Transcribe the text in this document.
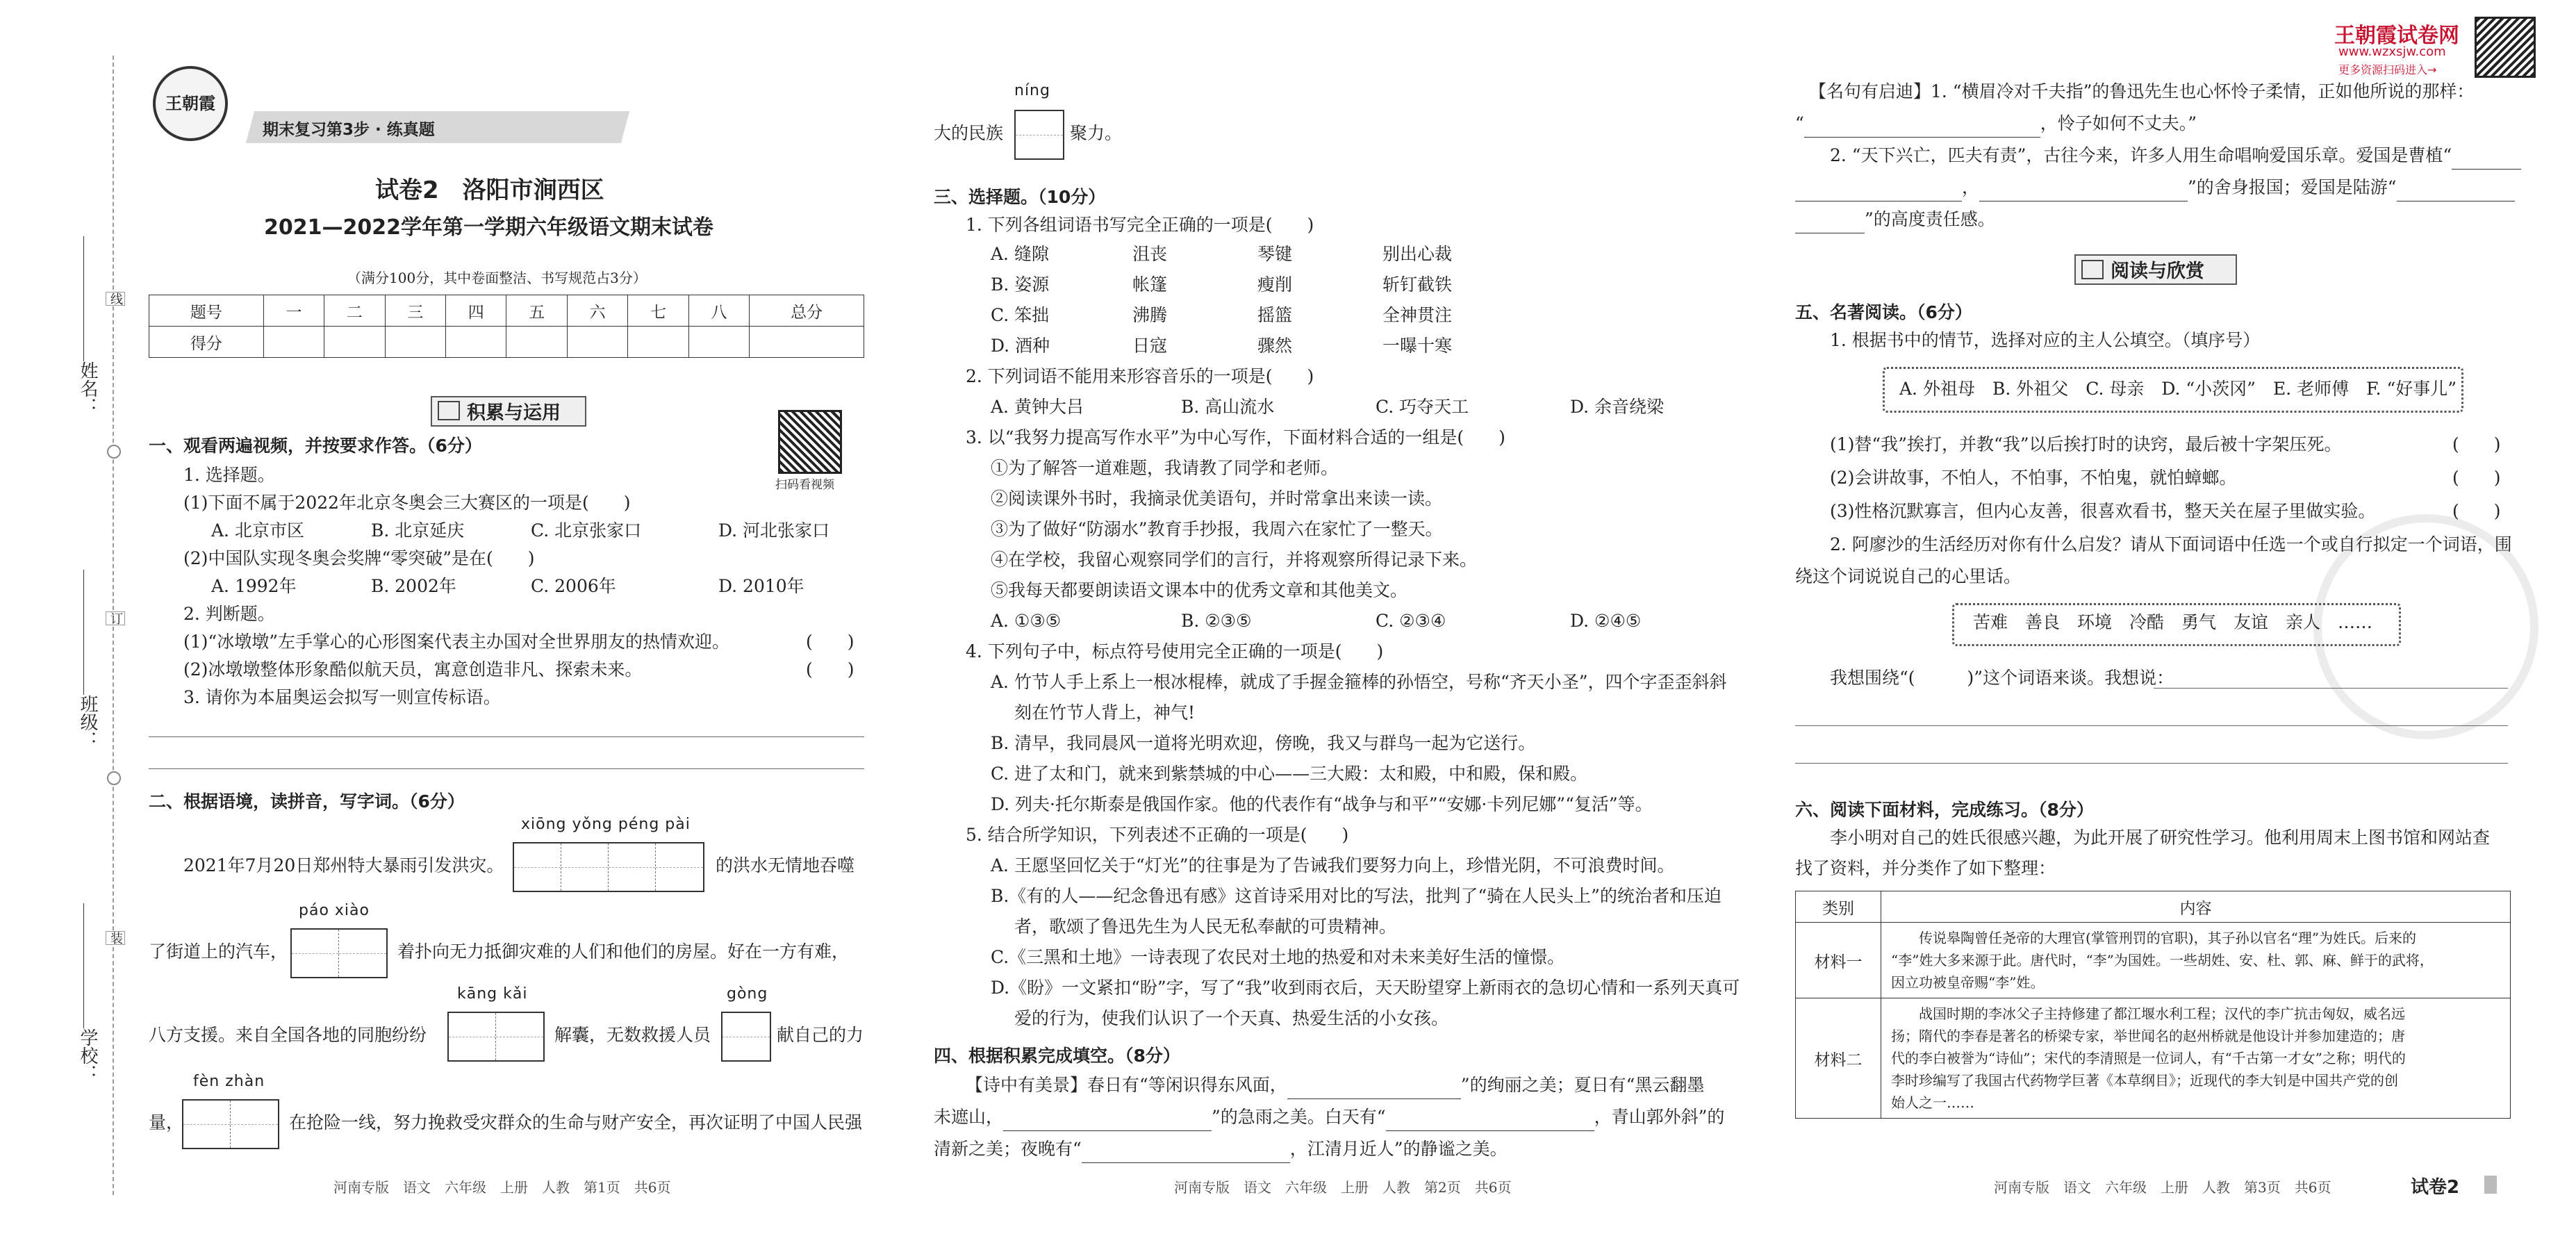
姓名：
班级：
学校：
线
订
装
王朝霞
期末复习第3步 · 练真题
试卷2　洛阳市涧西区
2021—2022学年第一学期六年级语文期末试卷
（满分100分，其中卷面整洁、书写规范占3分）
题号	一	二	三	四	五	六	七	八	总分
得分									
积累与运用
扫码看视频
一、观看两遍视频，并按要求作答。（6分）
1. 选择题。
(1)下面不属于2022年北京冬奥会三大赛区的一项是(　　)
A. 北京市区	B. 北京延庆	C. 北京张家口	D. 河北张家口
(2)中国队实现冬奥会奖牌“零突破”是在(　　)
A. 1992年	B. 2002年	C. 2006年	D. 2010年
2. 判断题。
(1)“冰墩墩”左手掌心的心形图案代表主办国对全世界朋友的热情欢迎。	(　　)
(2)冰墩墩整体形象酷似航天员，寓意创造非凡、探索未来。	(　　)
3. 请你为本届奥运会拟写一则宣传标语。
二、根据语境，读拼音，写字词。（6分）
xiōng yǒng péng pài
2021年7月20日郑州特大暴雨引发洪灾。	的洪水无情地吞噬
páo xiào
了街道上的汽车，	着扑向无力抵御灾难的人们和他们的房屋。好在一方有难，
kāng kǎi	gòng
八方支援。来自全国各地的同胞纷纷	解囊，无数救援人员	献自己的力
fèn zhàn
量，	在抢险一线，努力挽救受灾群众的生命与财产安全，再次证明了中国人民强
河南专版　语文　六年级　上册　人教　第1页　共6页
níng
大的民族	聚力。
三、选择题。（10分）
1. 下列各组词语书写完全正确的一项是(　　)
A. 缝隙	沮丧	琴键	别出心裁
B. 姿源	帐篷	瘦削	斩钉截铁
C. 笨拙	沸腾	摇篮	全神贯注
D. 酒种	日寇	骤然	一曝十寒
2. 下列词语不能用来形容音乐的一项是(　　)
A. 黄钟大吕	B. 高山流水	C. 巧夺天工	D. 余音绕梁
3. 以“我努力提高写作水平”为中心写作，下面材料合适的一组是(　　)
①为了解答一道难题，我请教了同学和老师。
②阅读课外书时，我摘录优美语句，并时常拿出来读一读。
③为了做好“防溺水”教育手抄报，我周六在家忙了一整天。
④在学校，我留心观察同学们的言行，并将观察所得记录下来。
⑤我每天都要朗读语文课本中的优秀文章和其他美文。
A. ①③⑤	B. ②③⑤	C. ②③④	D. ②④⑤
4. 下列句子中，标点符号使用完全正确的一项是(　　)
A. 竹节人手上系上一根冰棍棒，就成了手握金箍棒的孙悟空，号称“齐天小圣”，四个字歪歪斜斜
刻在竹节人背上，神气!
B. 清早，我同晨风一道将光明欢迎，傍晚，我又与群鸟一起为它送行。
C. 进了太和门，就来到紫禁城的中心——三大殿：太和殿，中和殿，保和殿。
D. 列夫·托尔斯泰是俄国作家。他的代表作有“战争与和平”“安娜·卡列尼娜”“复活”等。
5. 结合所学知识，下列表述不正确的一项是(　　)
A. 王愿坚回忆关于“灯光”的往事是为了告诫我们要努力向上，珍惜光阴，不可浪费时间。
B.《有的人——纪念鲁迅有感》这首诗采用对比的写法，批判了“骑在人民头上”的统治者和压迫
者，歌颂了鲁迅先生为人民无私奉献的可贵精神。
C.《三黑和土地》一诗表现了农民对土地的热爱和对未来美好生活的憧憬。
D.《盼》一文紧扣“盼”字，写了“我”收到雨衣后，天天盼望穿上新雨衣的急切心情和一系列天真可
爱的行为，使我们认识了一个天真、热爱生活的小女孩。
四、根据积累完成填空。（8分）
【诗中有美景】春日有“等闲识得东风面，	”的绚丽之美；夏日有“黑云翻墨
未遮山，	”的急雨之美。白天有“	，青山郭外斜”的
清新之美；夜晚有“	，江清月近人”的静谧之美。
河南专版　语文　六年级　上册　人教　第2页　共6页
王朝霞试卷网
www.wzxsjw.com
更多资源扫码进入→
【名句有启迪】1. “横眉冷对千夫指”的鲁迅先生也心怀怜子柔情，正如他所说的那样：
“	，怜子如何不丈夫。”
2. “天下兴亡，匹夫有责”，古往今来，许多人用生命唱响爱国乐章。爱国是曹植“
，	”的舍身报国；爱国是陆游“
”的高度责任感。
阅读与欣赏
五、名著阅读。（6分）
1. 根据书中的情节，选择对应的主人公填空。（填序号）
A. 外祖母　B. 外祖父　C. 母亲　D. “小茨冈”　E. 老师傅　F. “好事儿”
(1)替“我”挨打，并教“我”以后挨打时的诀窍，最后被十字架压死。	(　　)
(2)会讲故事，不怕人，不怕事，不怕鬼，就怕蟑螂。	(　　)
(3)性格沉默寡言，但内心友善，很喜欢看书，整天关在屋子里做实验。	(　　)
2. 阿廖沙的生活经历对你有什么启发？请从下面词语中任选一个或自行拟定一个词语，围
绕这个词说说自己的心里话。
苦难　善良　环境　冷酷　勇气　友谊　亲人　……
我想围绕“(　　　)”这个词语来谈。我想说：
六、阅读下面材料，完成练习。（8分）
李小明对自己的姓氏很感兴趣，为此开展了研究性学习。他利用周末上图书馆和网站查
找了资料，并分类作了如下整理：
类别	内容
材料一	传说皋陶曾任尧帝的大理官(掌管刑罚的官职)，其子孙以官名“理”为姓氏。后来的
“李”姓大多来源于此。唐代时，“李”为国姓。一些胡姓、安、杜、郭、麻、鲜于的武将，
因立功被皇帝赐“李”姓。

材料二	战国时期的李冰父子主持修建了都江堰水利工程；汉代的李广抗击匈奴，威名远
扬；隋代的李春是著名的桥梁专家，举世闻名的赵州桥就是他设计并参加建造的；唐
代的李白被誉为“诗仙”；宋代的李清照是一位词人，有“千古第一才女”之称；明代的
李时珍编写了我国古代药物学巨著《本草纲目》；近现代的李大钊是中国共产党的创
始人之一……
河南专版　语文　六年级　上册　人教　第3页　共6页	试卷2
